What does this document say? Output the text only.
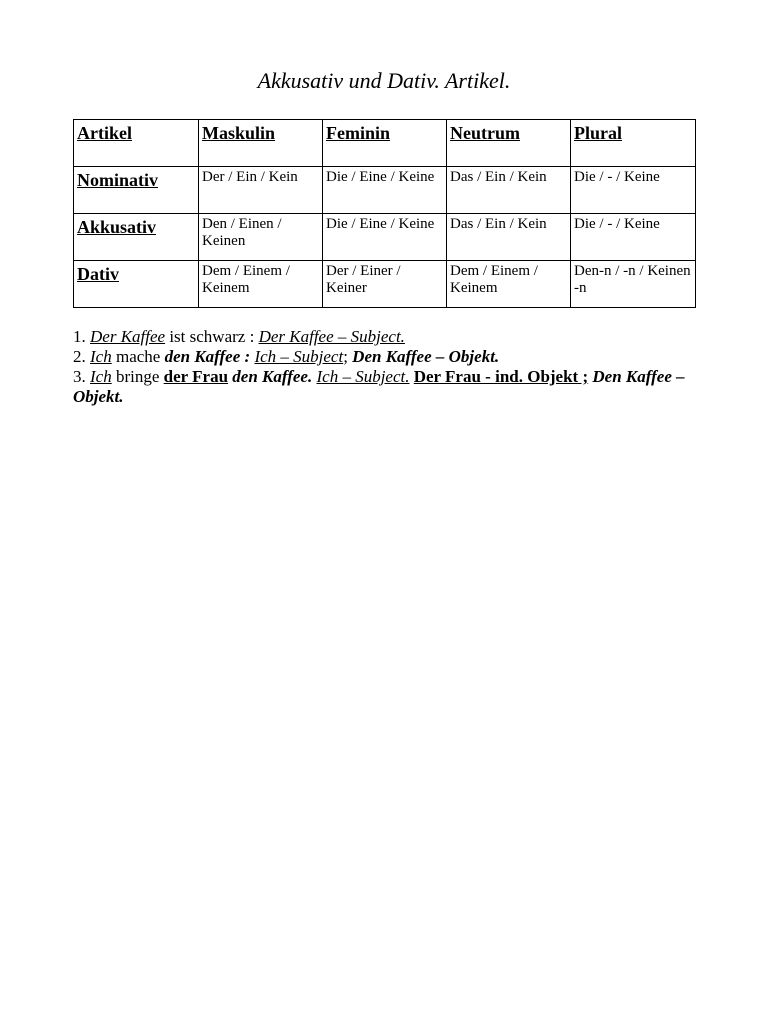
Akkusativ und Dativ. Artikel.
Artikel	Maskulin	Feminin	Neutrum	Plural

Nominativ	Der / Ein / Kein	Die / Eine / Keine	Das / Ein / Kein	Die / - / Keine

Akkusativ	Den / Einen / Keinen	Die / Eine / Keine	Das / Ein / Kein	Die / - / Keine

Dativ	Dem / Einem / Keinem	Der / Einer / Keiner	Dem / Einem / Keinem	Den-n / -n / Keinen -n

1. Der Kaffee ist schwarz : Der Kaffee – Subject.

2. Ich mache den Kaffee : Ich – Subject; Den Kaffee – Objekt.

3. Ich bringe der Frau den Kaffee. Ich – Subject. Der Frau - ind. Objekt ; Den Kaffee – Objekt.
